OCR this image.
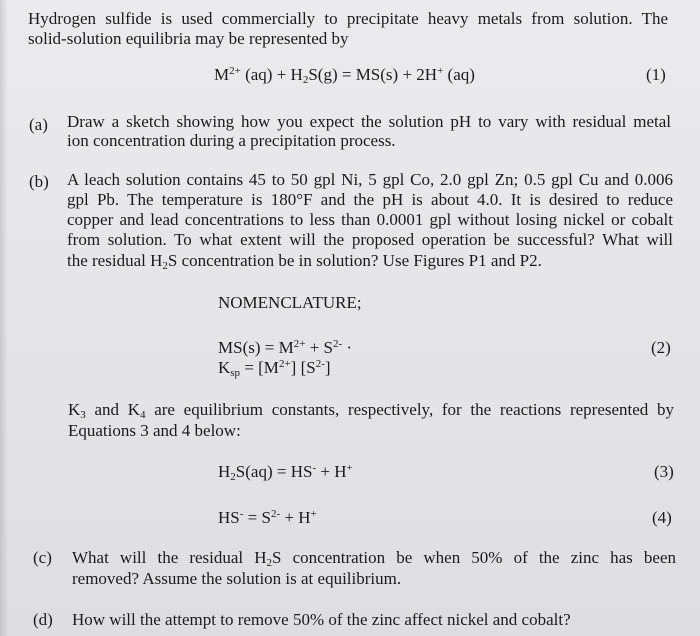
Hydrogen sulfide is used commercially to precipitate heavy metals from solution. The
solid-solution equilibria may be represented by
$M^{2+}$ $(aq) + H_2S(g) = MS(s) + 2H^+$ (aq)	(1)
(a) Draw a sketch showing how you expect the solution pH to vary with residual metal
ion concentration during a precipitation process.
(b) A leach solution contains 45 to 50 gpl Ni, 5 gpl Co, 2.0 gpl Zn; 0.5 gpl Cu and 0.006
gpl Pb. The temperature is 180°F and the pH is about 4.0. It is desired to reduce
copper and lead concentrations to less than 0.0001 gpl without losing nickel or cobalt
from solution. To what extent will the proposed operation be successful? What will
the residual $H_2S$ concentration be in solution? Use Figures P1 and P2.
NOMENCLATURE;
$MS(s) = M^{2+} + S^{2-}$ ·	(2)
$K_{sp} = [M^{2+}]$ $[S^{2-}]$
$K_3$ and $K_4$ are equilibrium constants, respectively, for the reactions represented by
Equations 3 and 4 below:
$H_2S(aq) = HS^- + H^+$	(3)
$HS^- = S^{2-} + H^+$	(4)
(c) What will the residual $H_2S$ concentration be when 50% of the zinc has been
removed? Assume the solution is at equilibrium.
(d) How will the attempt to remove 50% of the zinc affect nickel and cobalt?
